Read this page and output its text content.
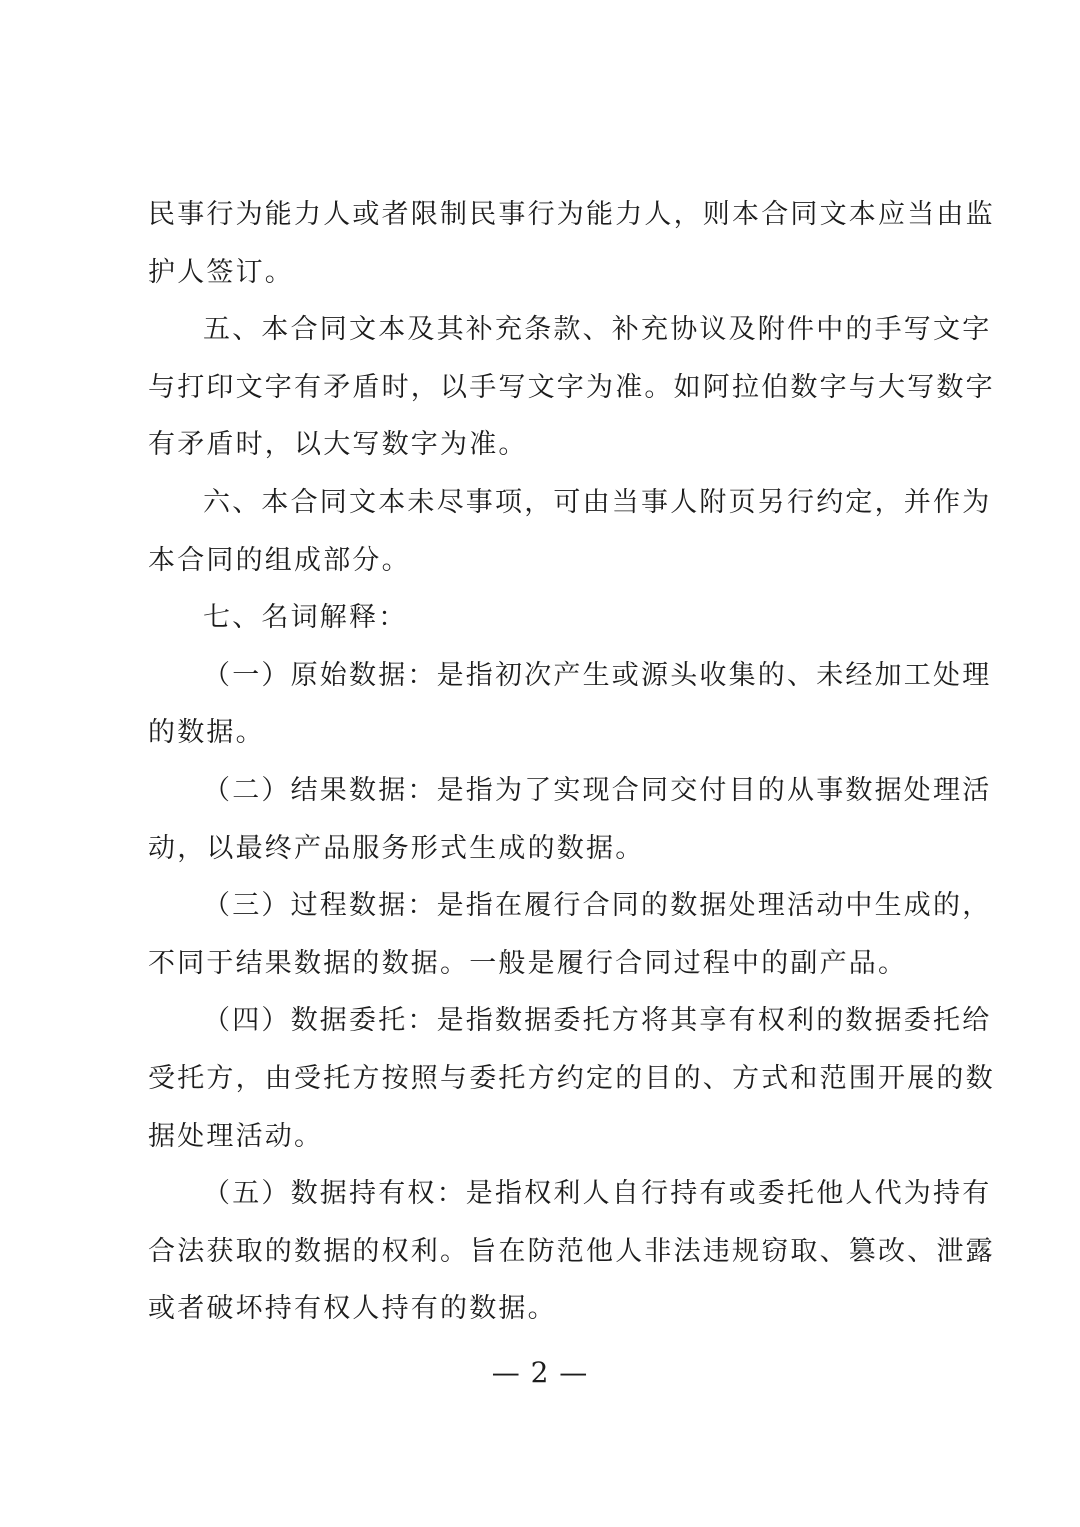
民事行为能力人或者限制民事行为能力人，则本合同文本应当由监
护人签订。
五、本合同文本及其补充条款、补充协议及附件中的手写文字
与打印文字有矛盾时，以手写文字为准。如阿拉伯数字与大写数字
有矛盾时，以大写数字为准。
六、本合同文本未尽事项，可由当事人附页另行约定，并作为
本合同的组成部分。
七、名词解释：
（一）原始数据：是指初次产生或源头收集的、未经加工处理
的数据。
（二）结果数据：是指为了实现合同交付目的从事数据处理活
动，以最终产品服务形式生成的数据。
（三）过程数据：是指在履行合同的数据处理活动中生成的，
不同于结果数据的数据。一般是履行合同过程中的副产品。
（四）数据委托：是指数据委托方将其享有权利的数据委托给
受托方，由受托方按照与委托方约定的目的、方式和范围开展的数
据处理活动。
（五）数据持有权：是指权利人自行持有或委托他人代为持有
合法获取的数据的权利。旨在防范他人非法违规窃取、篡改、泄露
或者破坏持有权人持有的数据。
— 2 —
